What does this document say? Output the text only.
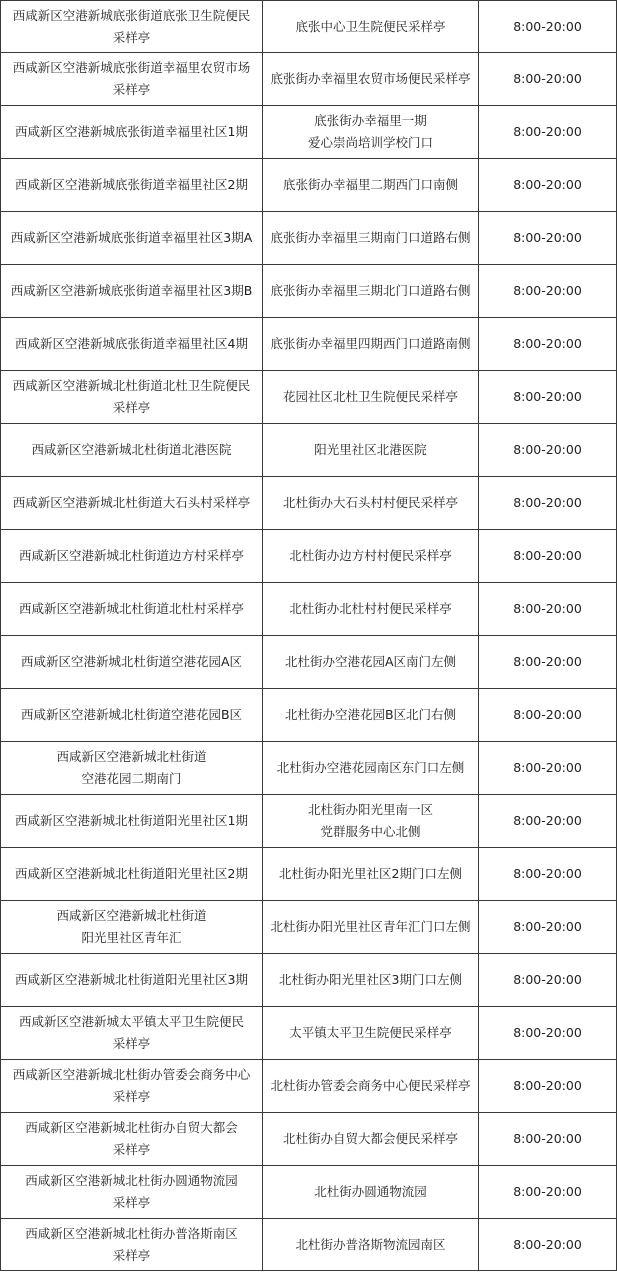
西咸新区空港新城底张街道底张卫生院便民
采样亭	底张中心卫生院便民采样亭	8:00-20:00
西咸新区空港新城底张街道幸福里农贸市场
采样亭	底张街办幸福里农贸市场便民采样亭	8:00-20:00
西咸新区空港新城底张街道幸福里社区1期	底张街办幸福里一期
爱心崇尚培训学校门口	8:00-20:00
西咸新区空港新城底张街道幸福里社区2期	底张街办幸福里二期西门口南侧	8:00-20:00
西咸新区空港新城底张街道幸福里社区3期A	底张街办幸福里三期南门口道路右侧	8:00-20:00
西咸新区空港新城底张街道幸福里社区3期B	底张街办幸福里三期北门口道路右侧	8:00-20:00
西咸新区空港新城底张街道幸福里社区4期	底张街办幸福里四期西门口道路南侧	8:00-20:00
西咸新区空港新城北杜街道北杜卫生院便民
采样亭	花园社区北杜卫生院便民采样亭	8:00-20:00
西咸新区空港新城北杜街道北港医院	阳光里社区北港医院	8:00-20:00
西咸新区空港新城北杜街道大石头村采样亭	北杜街办大石头村村便民采样亭	8:00-20:00
西咸新区空港新城北杜街道边方村采样亭	北杜街办边方村村便民采样亭	8:00-20:00
西咸新区空港新城北杜街道北杜村采样亭	北杜街办北杜村村便民采样亭	8:00-20:00
西咸新区空港新城北杜街道空港花园A区	北杜街办空港花园A区南门左侧	8:00-20:00
西咸新区空港新城北杜街道空港花园B区	北杜街办空港花园B区北门右侧	8:00-20:00
西咸新区空港新城北杜街道
空港花园二期南门	北杜街办空港花园南区东门口左侧	8:00-20:00
西咸新区空港新城北杜街道阳光里社区1期	北杜街办阳光里南一区
党群服务中心北侧	8:00-20:00
西咸新区空港新城北杜街道阳光里社区2期	北杜街办阳光里社区2期门口左侧	8:00-20:00
西咸新区空港新城北杜街道
阳光里社区青年汇	北杜街办阳光里社区青年汇门口左侧	8:00-20:00
西咸新区空港新城北杜街道阳光里社区3期	北杜街办阳光里社区3期门口左侧	8:00-20:00
西咸新区空港新城太平镇太平卫生院便民
采样亭	太平镇太平卫生院便民采样亭	8:00-20:00
西咸新区空港新城北杜街办管委会商务中心
采样亭	北杜街办管委会商务中心便民采样亭	8:00-20:00
西咸新区空港新城北杜街办自贸大都会
采样亭	北杜街办自贸大都会便民采样亭	8:00-20:00
西咸新区空港新城北杜街办圆通物流园
采样亭	北杜街办圆通物流园	8:00-20:00
西咸新区空港新城北杜街办普洛斯南区
采样亭	北杜街办普洛斯物流园南区	8:00-20:00
